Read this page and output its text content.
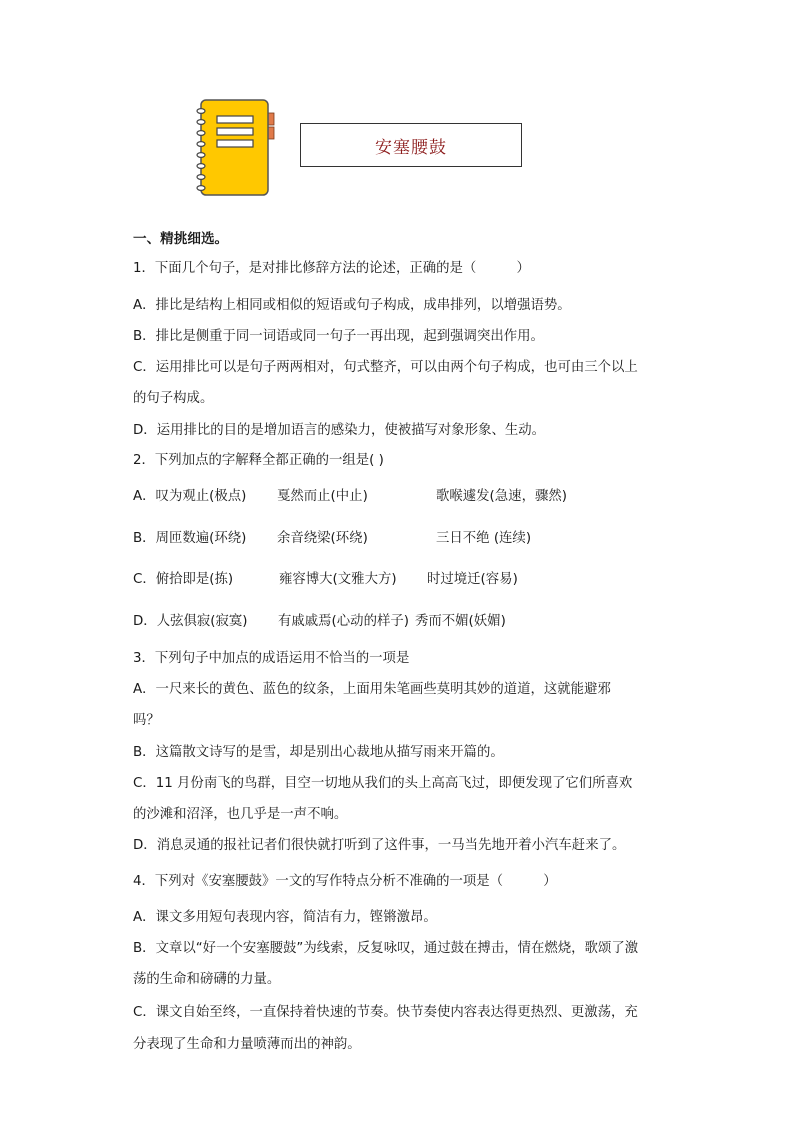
安塞腰鼓
一、精挑细选。
1．下面几个句子，是对排比修辞方法的论述，正确的是（　　　）
A．排比是结构上相同或相似的短语或句子构成，成串排列，以增强语势。
B．排比是侧重于同一词语或同一句子一再出现，起到强调突出作用。
C．运用排比可以是句子两两相对，句式整齐，可以由两个句子构成，也可由三个以上
的句子构成。
D．运用排比的目的是增加语言的感染力，使被描写对象形象、生动。
2．下列加点的字解释全都正确的一组是( )
A．叹为观止(极点) 戛然而止(中止)	歌喉遽发(急速，骤然)
B．周匝数遍(环绕) 余音绕梁(环绕)	三日不绝 (连续)
C．俯拾即是(拣)	雍容博大(文雅大方) 时过境迁(容易)
D．人弦俱寂(寂寞) 有戚戚焉(心动的样子) 秀而不媚(妖媚)
3．下列句子中加点的成语运用不恰当的一项是
A．一尺来长的黄色、蓝色的纹条，上面用朱笔画些莫明其妙的道道，这就能避邪
吗？
B．这篇散文诗写的是雪，却是别出心裁地从描写雨来开篇的。
C．11 月份南飞的鸟群，目空一切地从我们的头上高高飞过，即便发现了它们所喜欢
的沙滩和沼泽，也几乎是一声不响。
D．消息灵通的报社记者们很快就打听到了这件事，一马当先地开着小汽车赶来了。
4．下列对《安塞腰鼓》一文的写作特点分析不准确的一项是（　　　）
A．课文多用短句表现内容，简洁有力，铿锵激昂。
B．文章以“好一个安塞腰鼓”为线索，反复咏叹，通过鼓在搏击，情在燃烧，歌颂了激
荡的生命和磅礴的力量。
C．课文自始至终，一直保持着快速的节奏。快节奏使内容表达得更热烈、更激荡，充
分表现了生命和力量喷薄而出的神韵。
